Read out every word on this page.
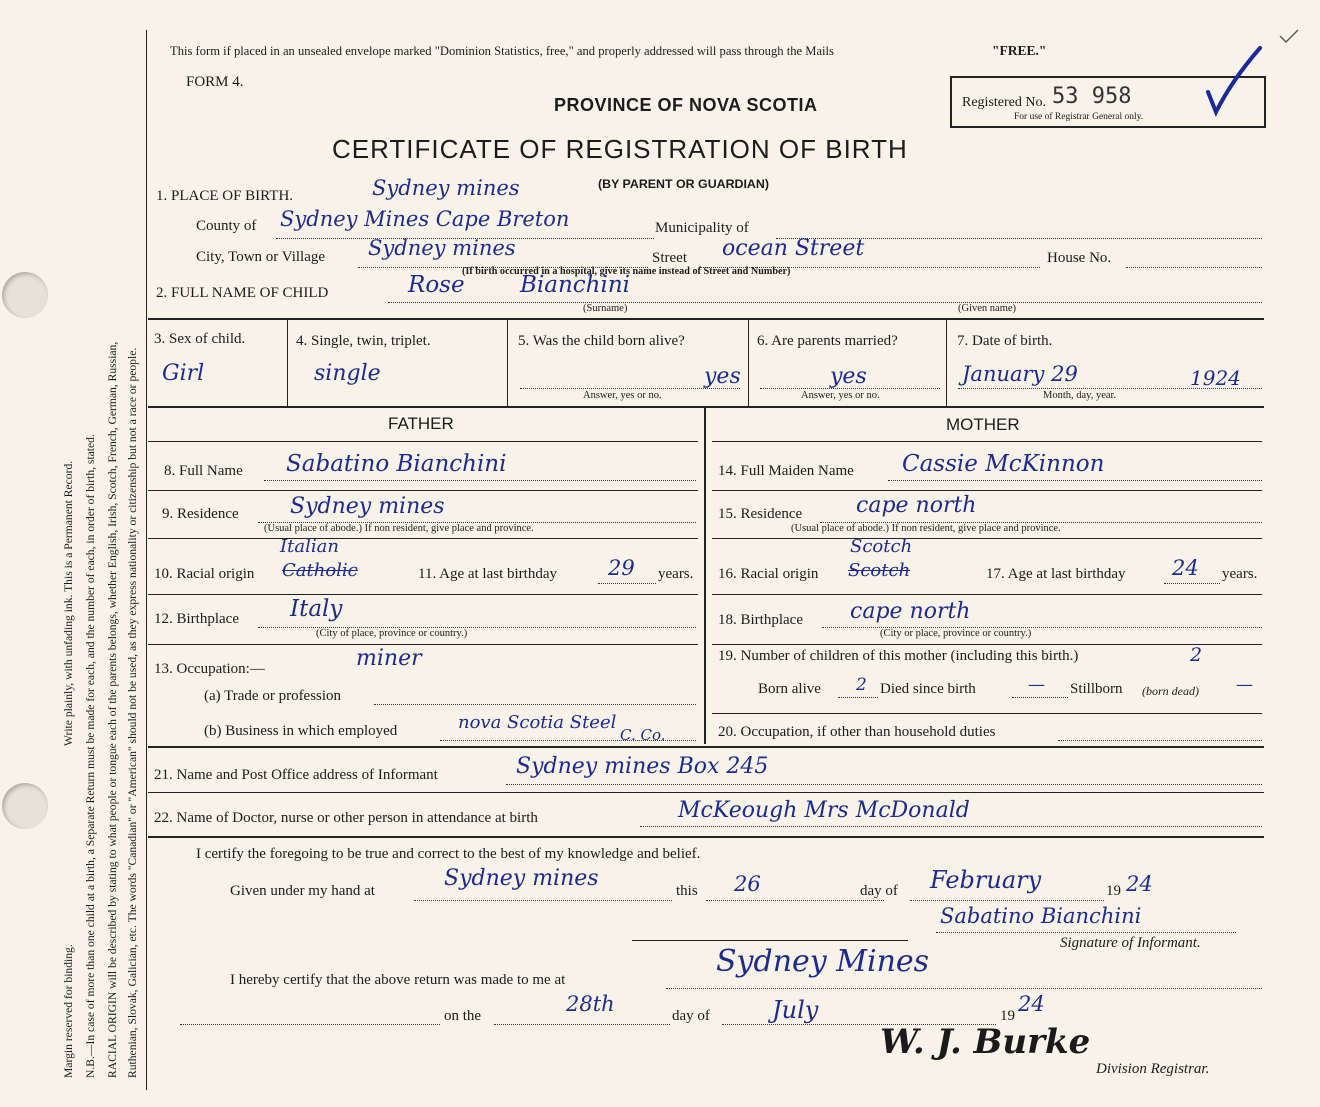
Margin reserved for binding. N.B.—In case of more than one child at a birth, a Separate Return must be made for each, and the number of each, in order of birth, stated.
Write plainly, with unfading ink. This is a Permanent Record.	RACIAL ORIGIN will be described by stating to what people or tongue each of the parents belongs, whether English, Irish, Scotch, French, German, Russian, Ruthenian, Slovak, Galician, etc. The words "Canadian" or "American" should not be used, as they express nationality or citizenship but not a race or people.
This form if placed in an unsealed envelope marked "Dominion Statistics, free," and properly addressed will pass through the Mails	"FREE."
FORM 4.
PROVINCE OF NOVA SCOTIA
CERTIFICATE OF REGISTRATION OF BIRTH
(BY PARENT OR GUARDIAN)
Registered No. 53 958
For use of Registrar General only.
1. PLACE OF BIRTH.	Sydney mines
County of Sydney Mines Cape Breton	Municipality of
City, Town or Village Sydney mines	Street ocean Street	House No.
(If birth occurred in a hospital, give its name instead of Street and Number)
2. FULL NAME OF CHILD	Rose Bianchini
(Surname)	(Given name)
3. Sex of child.
Girl
4. Single, twin, triplet.
single
5. Was the child born alive?
yes
Answer, yes or no.
6. Are parents married?
yes
Answer, yes or no.
7. Date of birth.
January 29	1924
Month, day, year.
FATHER	MOTHER
8. Full Name Sabatino Bianchini	14. Full Maiden Name Cassie McKinnon
9. Residence Sydney mines
(Usual place of abode.) If non resident, give place and province.
15. Residence cape north
(Usual place of abode.) If non resident, give place and province.
10. Racial origin Catholic
Italian
11. Age at last birthday 29 years. 16. Racial origin Scotch
Scotch
17. Age at last birthday 24 years.
12. Birthplace Italy
(City of place, province or country.)
18. Birthplace cape north
(City or place, province or country.)
13. Occupation:—	miner
(a) Trade or profession
(b) Business in which employed	nova Scotia Steel
C. Co.
19. Number of children of this mother (including this birth.)	2
Born alive 2 Died since birth	— Stillborn (born dead) —
20. Occupation, if other than household duties
21. Name and Post Office address of Informant	Sydney mines Box 245
22. Name of Doctor, nurse or other person in attendance at birth	McKeough Mrs McDonald
I certify the foregoing to be true and correct to the best of my knowledge and belief.
Given under my hand at	Sydney mines	this 26	day of February	19 24
Sabatino Bianchini
Signature of Informant.
I hereby certify that the above return was made to me at
Sydney Mines
on the	28th	day of	July	19 24
W. J. Burke
Division Registrar.
